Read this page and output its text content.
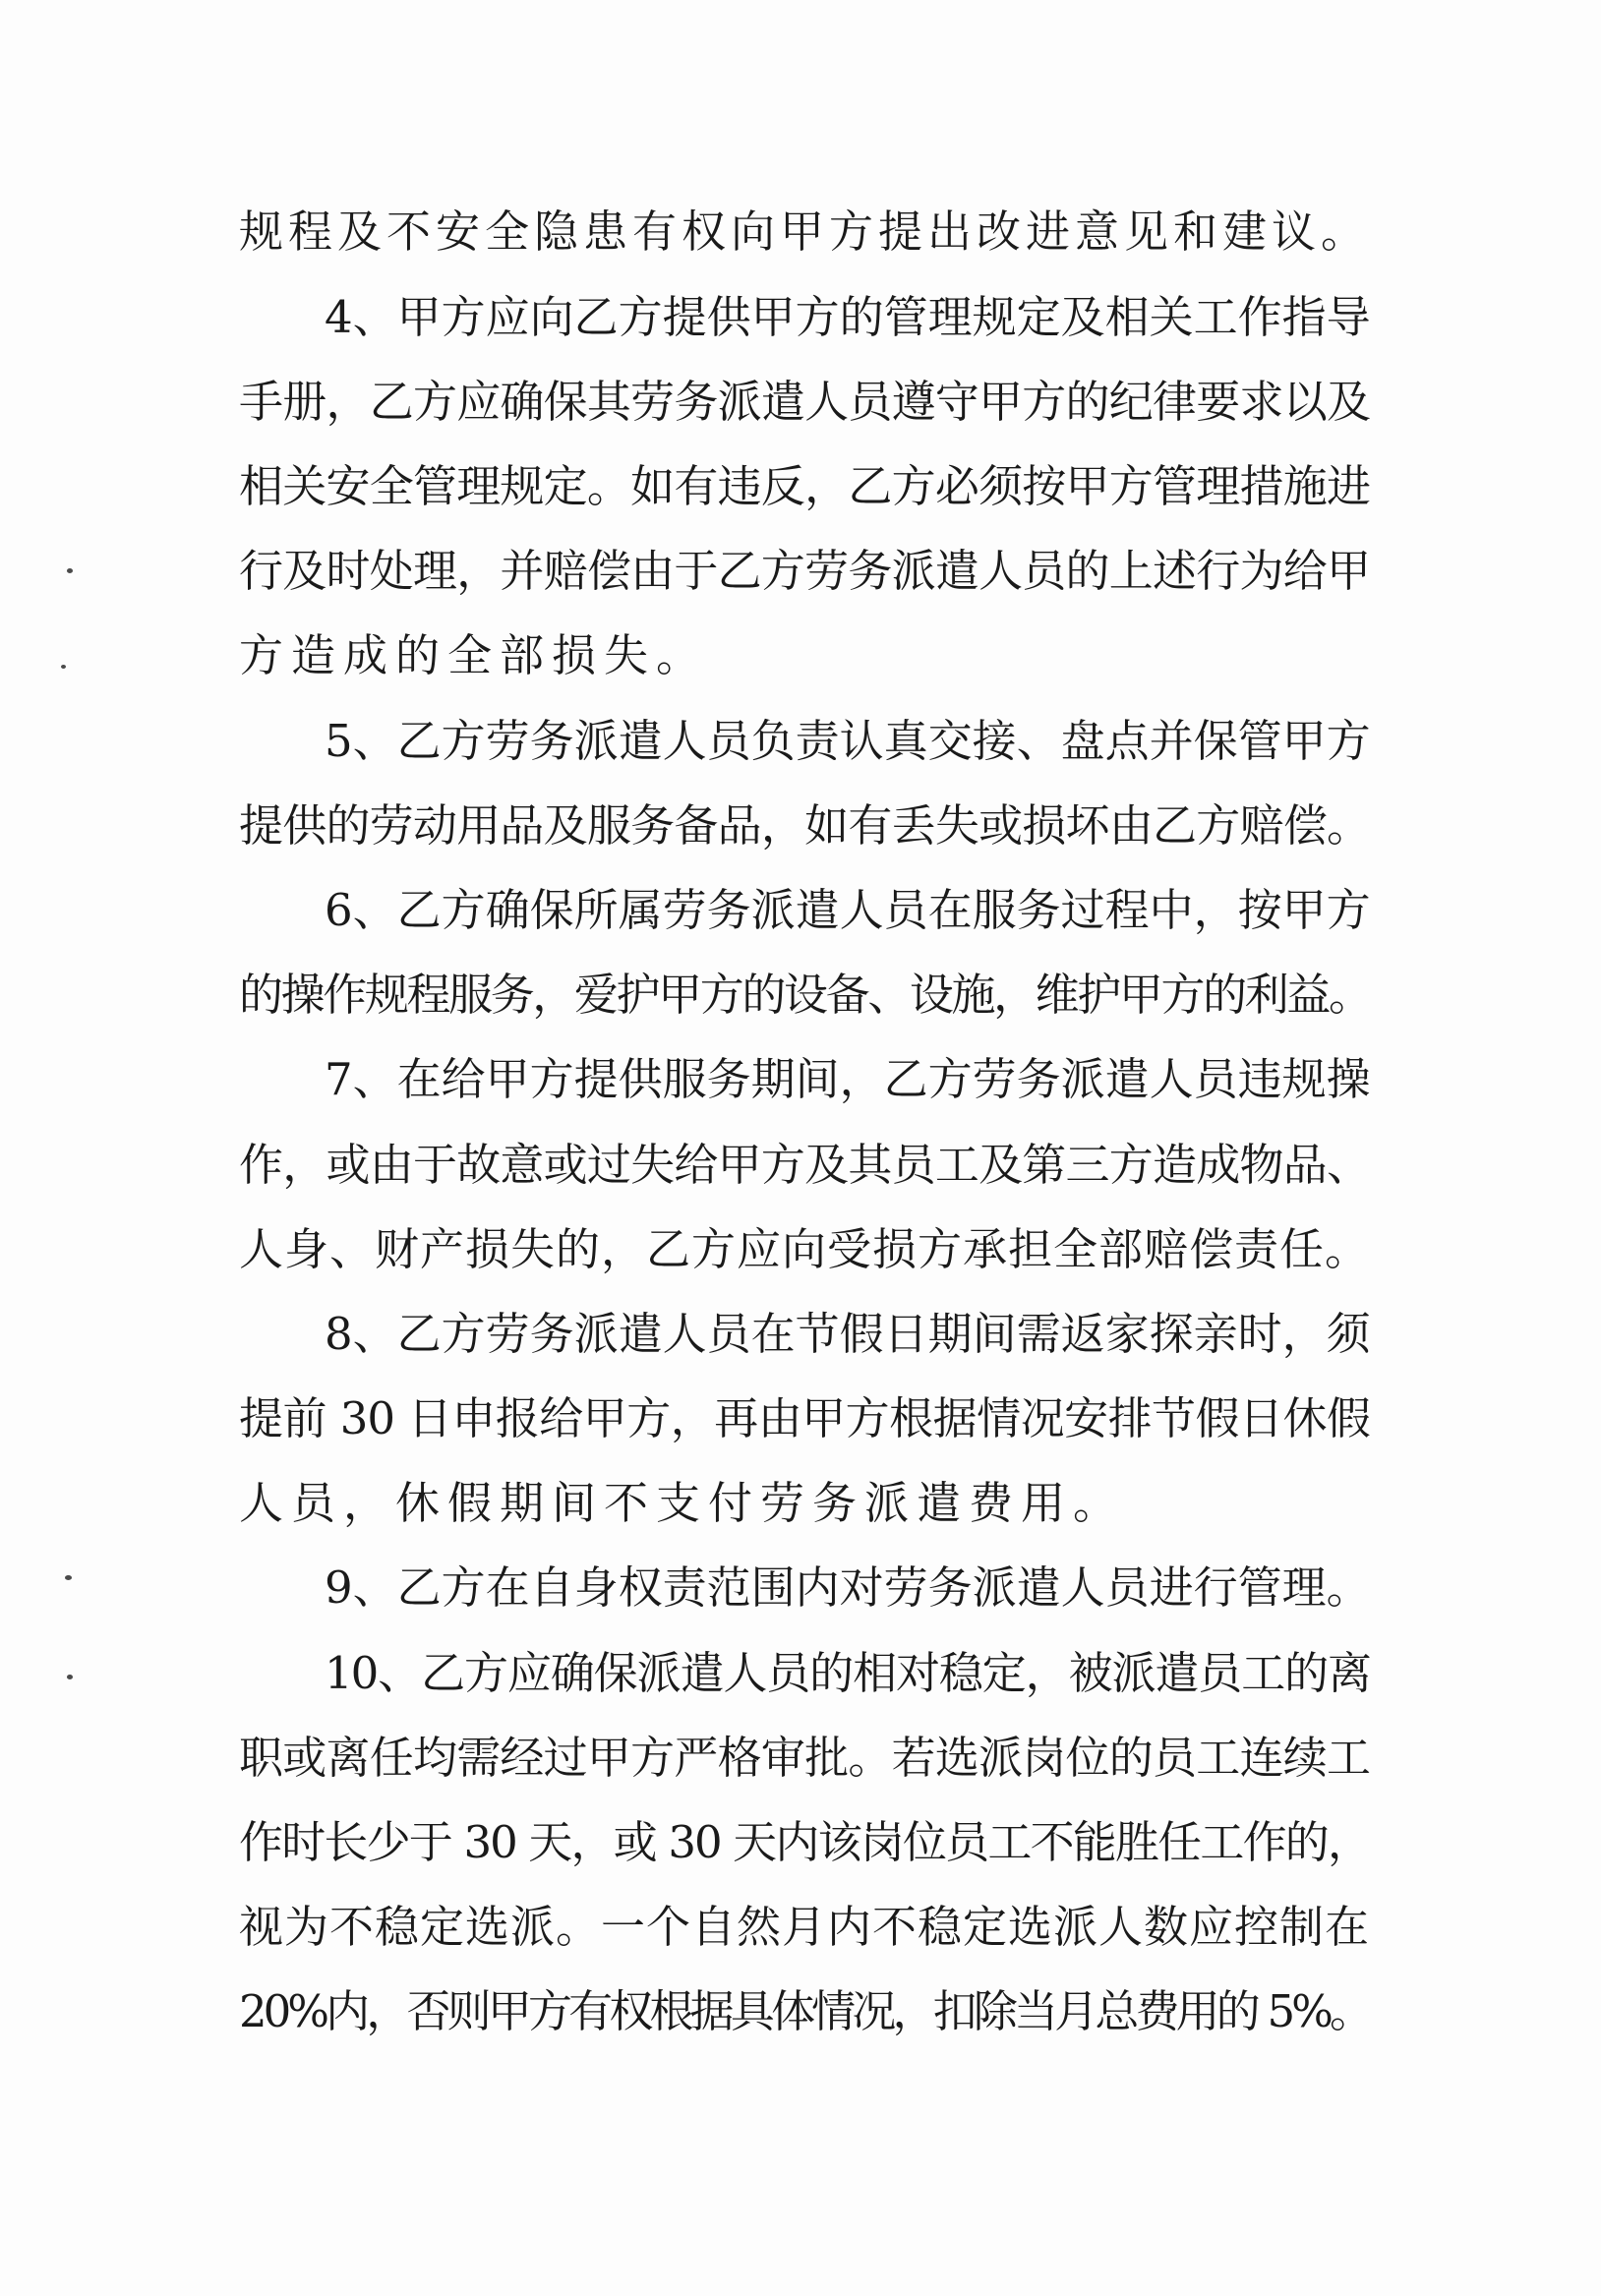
规程及不安全隐患有权向甲方提出改进意见和建议。
4、甲方应向乙方提供甲方的管理规定及相关工作指导
手册，乙方应确保其劳务派遣人员遵守甲方的纪律要求以及
相关安全管理规定。如有违反，乙方必须按甲方管理措施进
行及时处理，并赔偿由于乙方劳务派遣人员的上述行为给甲
方造成的全部损失。
5、乙方劳务派遣人员负责认真交接、盘点并保管甲方
提供的劳动用品及服务备品，如有丢失或损坏由乙方赔偿。
6、乙方确保所属劳务派遣人员在服务过程中，按甲方
的操作规程服务，爱护甲方的设备、设施，维护甲方的利益。
7、在给甲方提供服务期间，乙方劳务派遣人员违规操
作，或由于故意或过失给甲方及其员工及第三方造成物品、
人身、财产损失的，乙方应向受损方承担全部赔偿责任。
8、乙方劳务派遣人员在节假日期间需返家探亲时，须
提前 30 日申报给甲方，再由甲方根据情况安排节假日休假
人员，休假期间不支付劳务派遣费用。
9、乙方在自身权责范围内对劳务派遣人员进行管理。
10、乙方应确保派遣人员的相对稳定，被派遣员工的离
职或离任均需经过甲方严格审批。若选派岗位的员工连续工
作时长少于 30 天，或 30 天内该岗位员工不能胜任工作的，
视为不稳定选派。一个自然月内不稳定选派人数应控制在
20%内，否则甲方有权根据具体情况，扣除当月总费用的 5%。
